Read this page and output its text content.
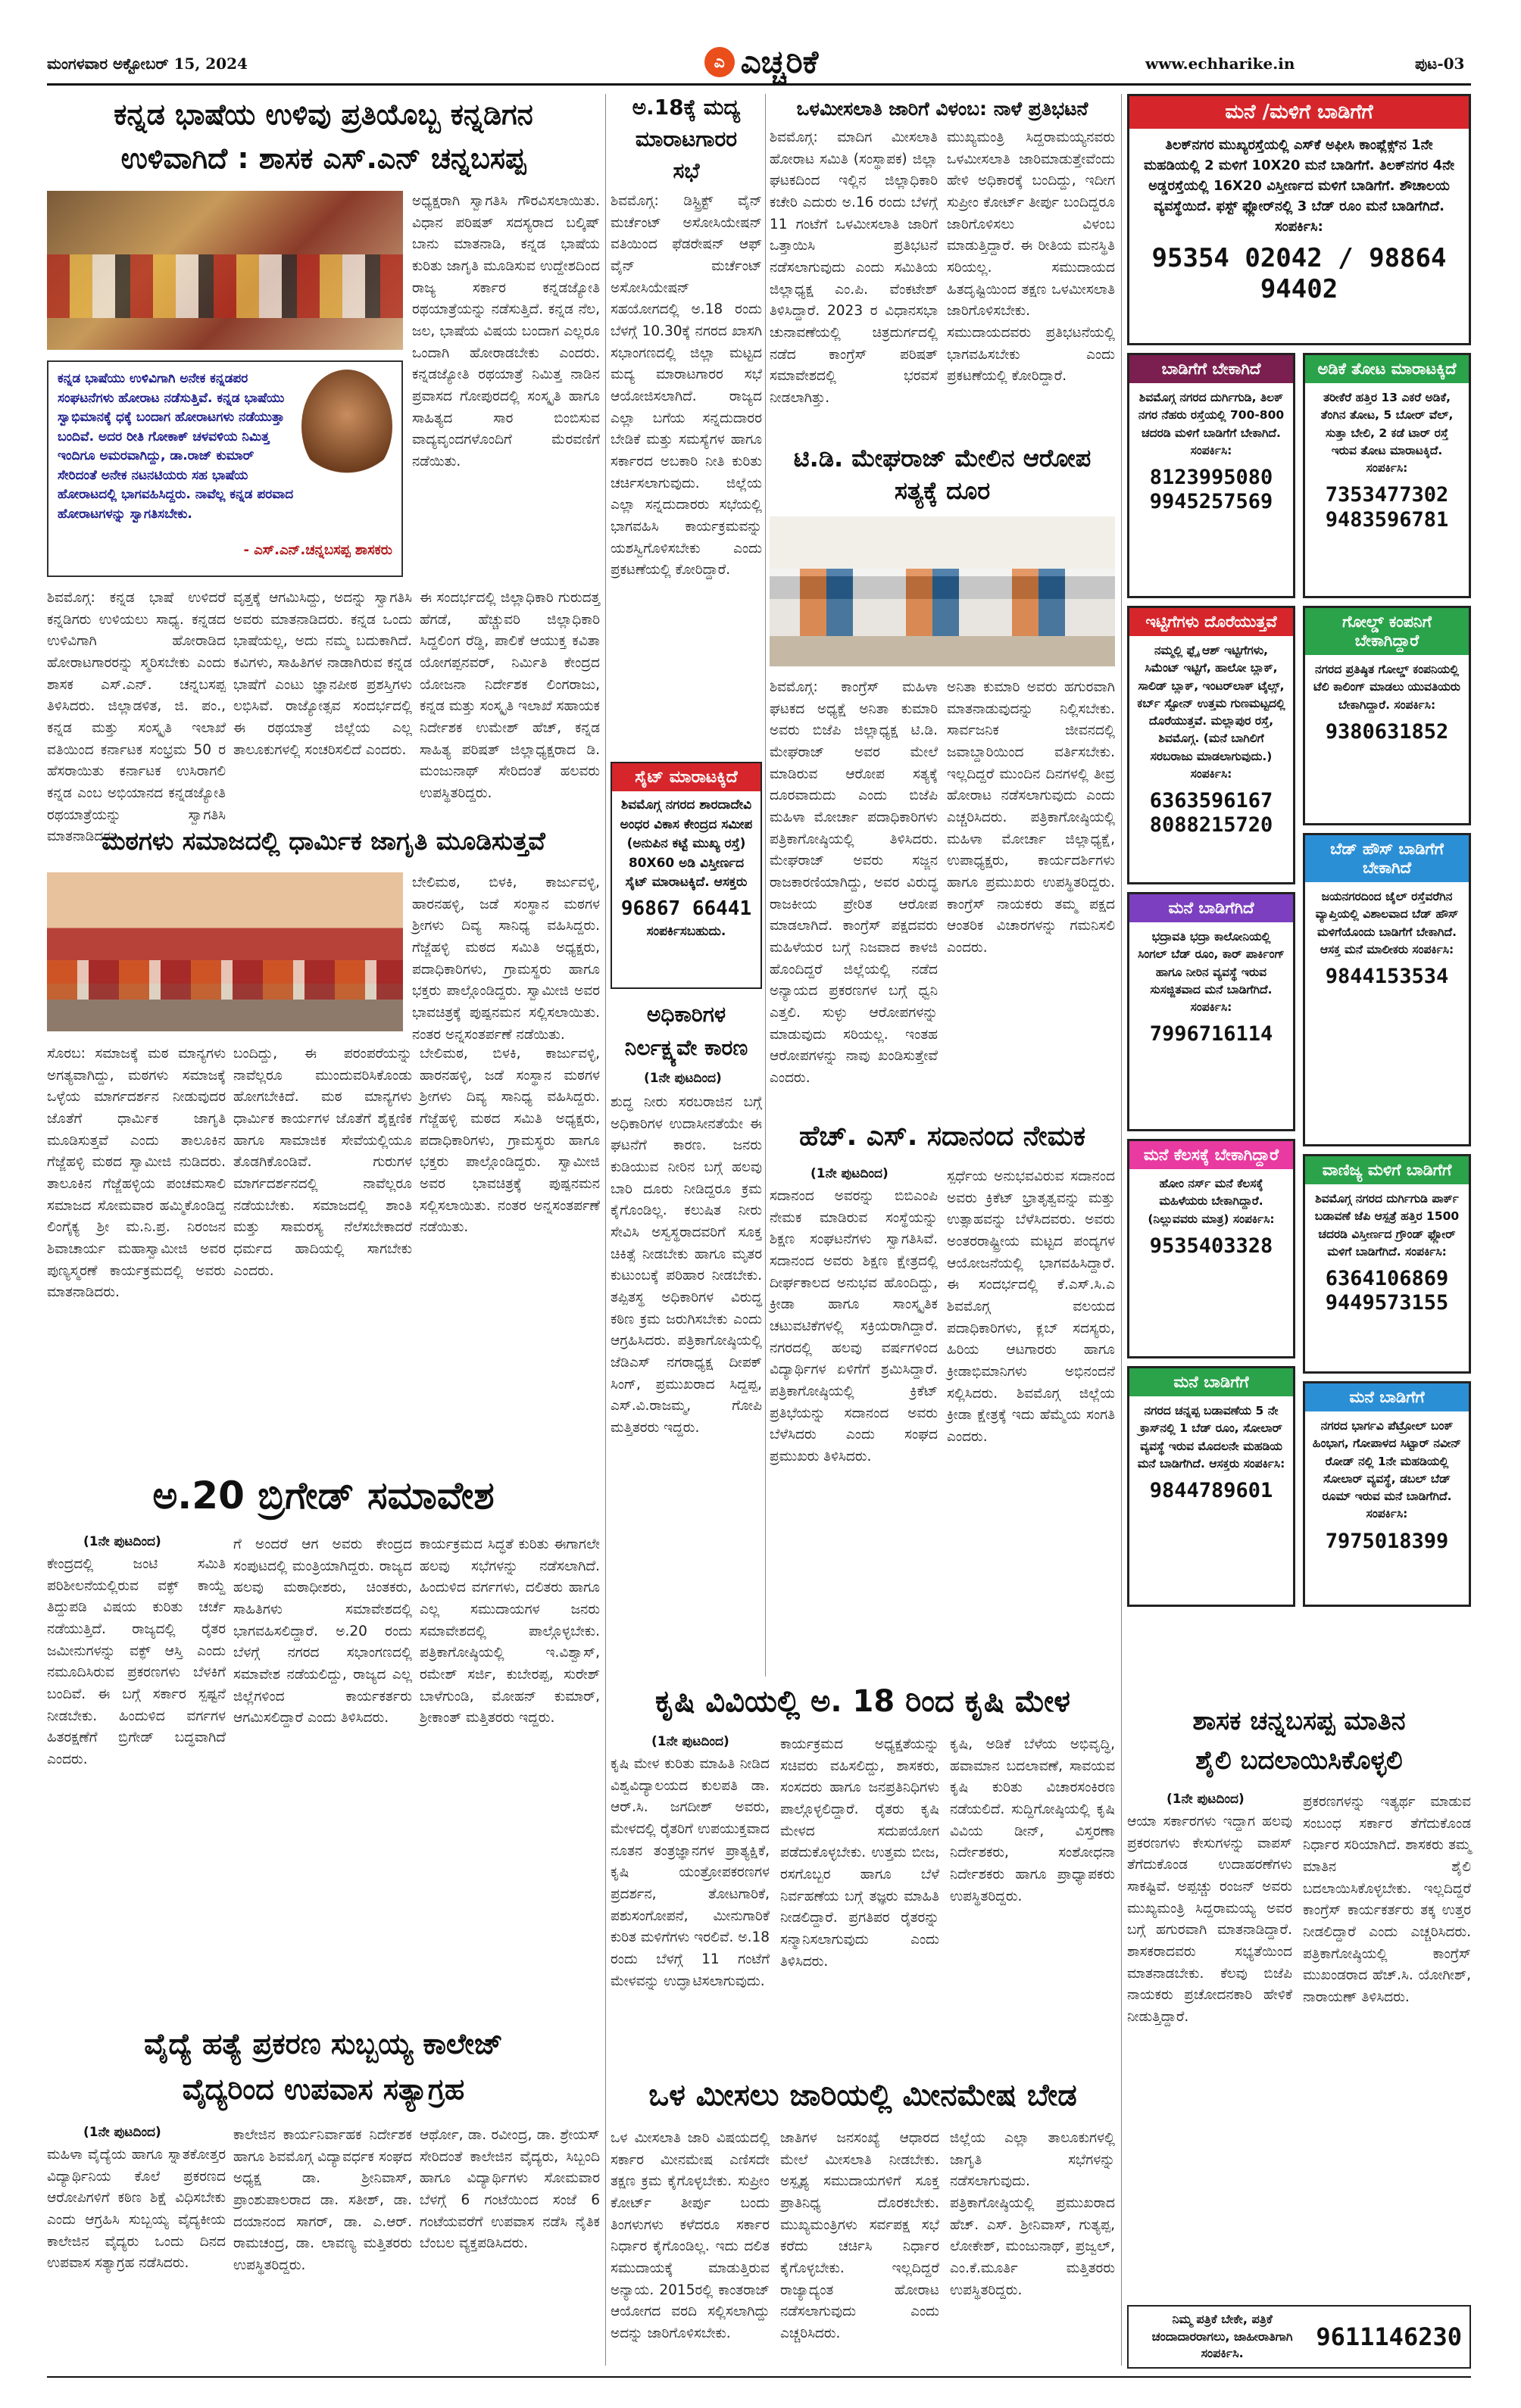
ಮಂಗಳವಾರ ಅಕ್ಟೋಬರ್ 15, 2024	ಎ ಎಚ್ಚರಿಕೆ	www.echharike.in	ಪುಟ-03
ಕನ್ನಡ ಭಾಷೆಯ ಉಳಿವು ಪ್ರತಿಯೊಬ್ಬ ಕನ್ನಡಿಗನ
ಉಳಿವಾಗಿದೆ : ಶಾಸಕ ಎಸ್.ಎನ್ ಚನ್ನಬಸಪ್ಪ
ಕನ್ನಡ ಭಾಷೆಯು ಉಳಿವಿಗಾಗಿ ಅನೇಕ ಕನ್ನಡಪರ ಸಂಘಟನೆಗಳು ಹೋರಾಟ ನಡೆಸುತ್ತಿವೆ. ಕನ್ನಡ ಭಾಷೆಯು ಸ್ವಾಭಿಮಾನಕ್ಕೆ ಧಕ್ಕೆ ಬಂದಾಗ ಹೋರಾಟಗಳು ನಡೆಯುತ್ತಾ ಬಂದಿವೆ. ಅದರ ರೀತಿ ಗೋಕಾಕ್ ಚಳವಳಿಯ ನಿಮಿತ್ತ ಇಂದಿಗೂ ಅಮರವಾಗಿದ್ದು, ಡಾ.ರಾಜ್ ಕುಮಾರ್ ಸೇರಿದಂತೆ ಅನೇಕ ನಟನಟಿಯರು ಸಹ ಭಾಷೆಯ ಹೋರಾಟದಲ್ಲಿ ಭಾಗವಹಿಸಿದ್ದರು. ನಾವೆಲ್ಲ ಕನ್ನಡ ಪರವಾದ ಹೋರಾಟಗಳನ್ನು ಸ್ವಾಗತಿಸಬೇಕು.
- ಎಸ್.ಎನ್.ಚನ್ನಬಸಪ್ಪ ಶಾಸಕರು
ಅಧ್ಯಕ್ಷರಾಗಿ ಸ್ವಾಗತಿಸಿ ಗೌರವಿಸಲಾಯಿತು. ವಿಧಾನ ಪರಿಷತ್ ಸದಸ್ಯರಾದ ಬಲ್ಕಿಷ್ ಬಾನು ಮಾತನಾಡಿ, ಕನ್ನಡ ಭಾಷೆಯ ಕುರಿತು ಜಾಗೃತಿ ಮೂಡಿಸುವ ಉದ್ದೇಶದಿಂದ ರಾಜ್ಯ ಸರ್ಕಾರ ಕನ್ನಡಜ್ಯೋತಿ ರಥಯಾತ್ರೆಯನ್ನು ನಡೆಸುತ್ತಿದೆ. ಕನ್ನಡ ನೆಲ, ಜಲ, ಭಾಷೆಯ ವಿಷಯ ಬಂದಾಗ ಎಲ್ಲರೂ ಒಂದಾಗಿ ಹೋರಾಡಬೇಕು ಎಂದರು. ಕನ್ನಡಜ್ಯೋತಿ ರಥಯಾತ್ರೆ ನಿಮಿತ್ತ ನಾಡಿನ ಪ್ರವಾಸದ ಗೋಪುರದಲ್ಲಿ ಸಂಸ್ಕೃತಿ ಹಾಗೂ ಸಾಹಿತ್ಯದ ಸಾರ ಬಿಂಬಿಸುವ ವಾದ್ಯವೃಂದಗಳೊಂದಿಗೆ ಮೆರವಣಿಗೆ ನಡೆಯಿತು.
ಶಿವಮೊಗ್ಗ: ಕನ್ನಡ ಭಾಷೆ ಉಳಿದರೆ ಕನ್ನಡಿಗರು ಉಳಿಯಲು ಸಾಧ್ಯ. ಕನ್ನಡದ ಉಳಿವಿಗಾಗಿ ಹೋರಾಡಿದ ಹೋರಾಟಗಾರರನ್ನು ಸ್ಮರಿಸಬೇಕು ಎಂದು ಶಾಸಕ ಎಸ್.ಎನ್. ಚನ್ನಬಸಪ್ಪ ತಿಳಿಸಿದರು. ಜಿಲ್ಲಾಡಳಿತ, ಜಿ. ಪಂ., ಕನ್ನಡ ಮತ್ತು ಸಂಸ್ಕೃತಿ ಇಲಾಖೆ ವತಿಯಿಂದ ಕರ್ನಾಟಕ ಸಂಭ್ರಮ 50 ರ ಹೆಸರಾಯಿತು ಕರ್ನಾಟಕ ಉಸಿರಾಗಲಿ ಕನ್ನಡ ಎಂಬ ಅಭಿಯಾನದ ಕನ್ನಡಜ್ಯೋತಿ ರಥಯಾತ್ರೆಯನ್ನು ಸ್ವಾಗತಿಸಿ ಮಾತನಾಡಿದರು.
ವೃತ್ತಕ್ಕೆ ಆಗಮಿಸಿದ್ದು, ಅದನ್ನು ಸ್ವಾಗತಿಸಿ ಅವರು ಮಾತನಾಡಿದರು. ಕನ್ನಡ ಒಂದು ಭಾಷೆಯಲ್ಲ, ಅದು ನಮ್ಮ ಬದುಕಾಗಿದೆ. ಕವಿಗಳು, ಸಾಹಿತಿಗಳ ನಾಡಾಗಿರುವ ಕನ್ನಡ ಭಾಷೆಗೆ ಎಂಟು ಜ್ಞಾನಪೀಠ ಪ್ರಶಸ್ತಿಗಳು ಲಭಿಸಿವೆ. ರಾಜ್ಯೋತ್ಸವ ಸಂದರ್ಭದಲ್ಲಿ ಈ ರಥಯಾತ್ರೆ ಜಿಲ್ಲೆಯ ಎಲ್ಲ ತಾಲೂಕುಗಳಲ್ಲಿ ಸಂಚರಿಸಲಿದೆ ಎಂದರು.
ಈ ಸಂದರ್ಭದಲ್ಲಿ ಜಿಲ್ಲಾಧಿಕಾರಿ ಗುರುದತ್ತ ಹೆಗಡೆ, ಹೆಚ್ಚುವರಿ ಜಿಲ್ಲಾಧಿಕಾರಿ ಸಿದ್ದಲಿಂಗ ರೆಡ್ಡಿ, ಪಾಲಿಕೆ ಆಯುಕ್ತ ಕವಿತಾ ಯೋಗಪ್ಪನವರ್, ನಿರ್ಮಿತಿ ಕೇಂದ್ರದ ಯೋಜನಾ ನಿರ್ದೇಶಕ ಲಿಂಗರಾಜು, ಕನ್ನಡ ಮತ್ತು ಸಂಸ್ಕೃತಿ ಇಲಾಖೆ ಸಹಾಯಕ ನಿರ್ದೇಶಕ ಉಮೇಶ್ ಹೆಚ್, ಕನ್ನಡ ಸಾಹಿತ್ಯ ಪರಿಷತ್ ಜಿಲ್ಲಾಧ್ಯಕ್ಷರಾದ ಡಿ. ಮಂಜುನಾಥ್ ಸೇರಿದಂತೆ ಹಲವರು ಉಪಸ್ಥಿತರಿದ್ದರು.
ಮಠಗಳು ಸಮಾಜದಲ್ಲಿ ಧಾರ್ಮಿಕ ಜಾಗೃತಿ ಮೂಡಿಸುತ್ತವೆ
ಬೇಲಿಮಠ, ಬಿಳಕಿ, ಕಾರ್ಜುವಳ್ಳಿ, ಹಾರನಹಳ್ಳಿ, ಜಡೆ ಸಂಸ್ಥಾನ ಮಠಗಳ ಶ್ರೀಗಳು ದಿವ್ಯ ಸಾನಿಧ್ಯ ವಹಿಸಿದ್ದರು. ಗೆಜ್ಜೆಹಳ್ಳಿ ಮಠದ ಸಮಿತಿ ಅಧ್ಯಕ್ಷರು, ಪದಾಧಿಕಾರಿಗಳು, ಗ್ರಾಮಸ್ಥರು ಹಾಗೂ ಭಕ್ತರು ಪಾಲ್ಗೊಂಡಿದ್ದರು. ಸ್ವಾಮೀಜಿ ಅವರ ಭಾವಚಿತ್ರಕ್ಕೆ ಪುಷ್ಪನಮನ ಸಲ್ಲಿಸಲಾಯಿತು. ನಂತರ ಅನ್ನಸಂತರ್ಪಣೆ ನಡೆಯಿತು.
ಸೊರಬ: ಸಮಾಜಕ್ಕೆ ಮಠ ಮಾನ್ಯಗಳು ಅಗತ್ಯವಾಗಿದ್ದು, ಮಠಗಳು ಸಮಾಜಕ್ಕೆ ಒಳ್ಳೆಯ ಮಾರ್ಗದರ್ಶನ ನೀಡುವುದರ ಜೊತೆಗೆ ಧಾರ್ಮಿಕ ಜಾಗೃತಿ ಮೂಡಿಸುತ್ತವೆ ಎಂದು ತಾಲೂಕಿನ ಗೆಜ್ಜೆಹಳ್ಳಿ ಮಠದ ಸ್ವಾಮೀಜಿ ನುಡಿದರು. ತಾಲೂಕಿನ ಗೆಜ್ಜೆಹಳ್ಳಿಯ ಪಂಚಮಸಾಲಿ ಸಮಾಜದ ಸೋಮವಾರ ಹಮ್ಮಿಕೊಂಡಿದ್ದ ಲಿಂಗೈಕ್ಯ ಶ್ರೀ ಮ.ನಿ.ಪ್ರ. ನಿರಂಜನ ಶಿವಾಚಾರ್ಯ ಮಹಾಸ್ವಾಮೀಜಿ ಅವರ ಪುಣ್ಯಸ್ಮರಣೆ ಕಾರ್ಯಕ್ರಮದಲ್ಲಿ ಅವರು ಮಾತನಾಡಿದರು.
ಬಂದಿದ್ದು, ಈ ಪರಂಪರೆಯನ್ನು ನಾವೆಲ್ಲರೂ ಮುಂದುವರಿಸಿಕೊಂಡು ಹೋಗಬೇಕಿದೆ. ಮಠ ಮಾನ್ಯಗಳು ಧಾರ್ಮಿಕ ಕಾರ್ಯಗಳ ಜೊತೆಗೆ ಶೈಕ್ಷಣಿಕ ಹಾಗೂ ಸಾಮಾಜಿಕ ಸೇವೆಯಲ್ಲಿಯೂ ತೊಡಗಿಕೊಂಡಿವೆ. ಗುರುಗಳ ಮಾರ್ಗದರ್ಶನದಲ್ಲಿ ನಾವೆಲ್ಲರೂ ನಡೆಯಬೇಕು. ಸಮಾಜದಲ್ಲಿ ಶಾಂತಿ ಮತ್ತು ಸಾಮರಸ್ಯ ನೆಲೆಸಬೇಕಾದರೆ ಧರ್ಮದ ಹಾದಿಯಲ್ಲಿ ಸಾಗಬೇಕು ಎಂದರು.
ಬೇಲಿಮಠ, ಬಿಳಕಿ, ಕಾರ್ಜುವಳ್ಳಿ, ಹಾರನಹಳ್ಳಿ, ಜಡೆ ಸಂಸ್ಥಾನ ಮಠಗಳ ಶ್ರೀಗಳು ದಿವ್ಯ ಸಾನಿಧ್ಯ ವಹಿಸಿದ್ದರು. ಗೆಜ್ಜೆಹಳ್ಳಿ ಮಠದ ಸಮಿತಿ ಅಧ್ಯಕ್ಷರು, ಪದಾಧಿಕಾರಿಗಳು, ಗ್ರಾಮಸ್ಥರು ಹಾಗೂ ಭಕ್ತರು ಪಾಲ್ಗೊಂಡಿದ್ದರು. ಸ್ವಾಮೀಜಿ ಅವರ ಭಾವಚಿತ್ರಕ್ಕೆ ಪುಷ್ಪನಮನ ಸಲ್ಲಿಸಲಾಯಿತು. ನಂತರ ಅನ್ನಸಂತರ್ಪಣೆ ನಡೆಯಿತು.
ಅ.20 ಬ್ರಿಗೇಡ್ ಸಮಾವೇಶ
(1ನೇ ಪುಟದಿಂದ)
ಕೇಂದ್ರದಲ್ಲಿ ಜಂಟಿ ಸಮಿತಿ ಪರಿಶೀಲನೆಯಲ್ಲಿರುವ ವಕ್ಫ್ ಕಾಯ್ದೆ ತಿದ್ದುಪಡಿ ವಿಷಯ ಕುರಿತು ಚರ್ಚೆ ನಡೆಯುತ್ತಿದೆ. ರಾಜ್ಯದಲ್ಲಿ ರೈತರ ಜಮೀನುಗಳನ್ನು ವಕ್ಫ್ ಆಸ್ತಿ ಎಂದು ನಮೂದಿಸಿರುವ ಪ್ರಕರಣಗಳು ಬೆಳಕಿಗೆ ಬಂದಿವೆ. ಈ ಬಗ್ಗೆ ಸರ್ಕಾರ ಸ್ಪಷ್ಟನೆ ನೀಡಬೇಕು. ಹಿಂದುಳಿದ ವರ್ಗಗಳ ಹಿತರಕ್ಷಣೆಗೆ ಬ್ರಿಗೇಡ್ ಬದ್ಧವಾಗಿದೆ ಎಂದರು.
ಗೆ ಅಂದರೆ ಆಗ ಅವರು ಕೇಂದ್ರದ ಸಂಪುಟದಲ್ಲಿ ಮಂತ್ರಿಯಾಗಿದ್ದರು. ರಾಜ್ಯದ ಹಲವು ಮಠಾಧೀಶರು, ಚಿಂತಕರು, ಸಾಹಿತಿಗಳು ಸಮಾವೇಶದಲ್ಲಿ ಭಾಗವಹಿಸಲಿದ್ದಾರೆ. ಅ.20 ರಂದು ಬೆಳಗ್ಗೆ ನಗರದ ಸಭಾಂಗಣದಲ್ಲಿ ಸಮಾವೇಶ ನಡೆಯಲಿದ್ದು, ರಾಜ್ಯದ ಎಲ್ಲ ಜಿಲ್ಲೆಗಳಿಂದ ಕಾರ್ಯಕರ್ತರು ಆಗಮಿಸಲಿದ್ದಾರೆ ಎಂದು ತಿಳಿಸಿದರು.
ಕಾರ್ಯಕ್ರಮದ ಸಿದ್ಧತೆ ಕುರಿತು ಈಗಾಗಲೇ ಹಲವು ಸಭೆಗಳನ್ನು ನಡೆಸಲಾಗಿದೆ. ಹಿಂದುಳಿದ ವರ್ಗಗಳು, ದಲಿತರು ಹಾಗೂ ಎಲ್ಲ ಸಮುದಾಯಗಳ ಜನರು ಸಮಾವೇಶದಲ್ಲಿ ಪಾಲ್ಗೊಳ್ಳಬೇಕು. ಪತ್ರಿಕಾಗೋಷ್ಠಿಯಲ್ಲಿ ಇ.ವಿಶ್ವಾಸ್, ರಮೇಶ್ ಸರ್ಜಿ, ಕುಬೇರಪ್ಪ, ಸುರೇಶ್ ಬಾಳೆಗುಂಡಿ, ಮೋಹನ್ ಕುಮಾರ್, ಶ್ರೀಕಾಂತ್ ಮತ್ತಿತರರು ಇದ್ದರು.
ವೈದ್ಯೆ ಹತ್ಯೆ ಪ್ರಕರಣ ಸುಬ್ಬಯ್ಯ ಕಾಲೇಜ್
ವೈದ್ಯರಿಂದ ಉಪವಾಸ ಸತ್ಯಾಗ್ರಹ
(1ನೇ ಪುಟದಿಂದ)
ಮಹಿಳಾ ವೈದ್ಯೆಯ ಹಾಗೂ ಸ್ನಾತಕೋತ್ತರ ವಿದ್ಯಾರ್ಥಿನಿಯ ಕೊಲೆ ಪ್ರಕರಣದ ಆರೋಪಿಗಳಿಗೆ ಕಠಿಣ ಶಿಕ್ಷೆ ವಿಧಿಸಬೇಕು ಎಂದು ಆಗ್ರಹಿಸಿ ಸುಬ್ಬಯ್ಯ ವೈದ್ಯಕೀಯ ಕಾಲೇಜಿನ ವೈದ್ಯರು ಒಂದು ದಿನದ ಉಪವಾಸ ಸತ್ಯಾಗ್ರಹ ನಡೆಸಿದರು.
ಕಾಲೇಜಿನ ಕಾರ್ಯನಿರ್ವಾಹಕ ನಿರ್ದೇಶಕ ಹಾಗೂ ಶಿವಮೊಗ್ಗ ವಿದ್ಯಾವರ್ಧಕ ಸಂಘದ ಅಧ್ಯಕ್ಷ ಡಾ. ಶ್ರೀನಿವಾಸ್, ಪ್ರಾಂಶುಪಾಲರಾದ ಡಾ. ಸತೀಶ್, ಡಾ. ದಯಾನಂದ ಸಾಗರ್, ಡಾ. ಎ.ಆರ್. ರಾಮಚಂದ್ರ, ಡಾ. ಲಾವಣ್ಯ ಮತ್ತಿತರರು ಉಪಸ್ಥಿತರಿದ್ದರು.
ಆರ್ಥೋ, ಡಾ. ರವೀಂದ್ರ, ಡಾ. ಶ್ರೇಯಸ್ ಸೇರಿದಂತೆ ಕಾಲೇಜಿನ ವೈದ್ಯರು, ಸಿಬ್ಬಂದಿ ಹಾಗೂ ವಿದ್ಯಾರ್ಥಿಗಳು ಸೋಮವಾರ ಬೆಳಗ್ಗೆ 6 ಗಂಟೆಯಿಂದ ಸಂಜೆ 6 ಗಂಟೆಯವರೆಗೆ ಉಪವಾಸ ನಡೆಸಿ ನೈತಿಕ ಬೆಂಬಲ ವ್ಯಕ್ತಪಡಿಸಿದರು.
ಅ.18ಕ್ಕೆ ಮದ್ಯ
ಮಾರಾಟಗಾರರ
ಸಭೆ
ಶಿವಮೊಗ್ಗ: ಡಿಸ್ಟ್ರಿಕ್ಟ್ ವೈನ್ ಮರ್ಚೆಂಟ್ ಅಸೋಸಿಯೇಷನ್ ವತಿಯಿಂದ ಫೆಡರೇಷನ್ ಆಫ್ ವೈನ್ ಮರ್ಚೆಂಟ್ ಅಸೋಸಿಯೇಷನ್ ಸಹಯೋಗದಲ್ಲಿ ಅ.18 ರಂದು ಬೆಳಗ್ಗೆ 10.30ಕ್ಕೆ ನಗರದ ಖಾಸಗಿ ಸಭಾಂಗಣದಲ್ಲಿ ಜಿಲ್ಲಾ ಮಟ್ಟದ ಮದ್ಯ ಮಾರಾಟಗಾರರ ಸಭೆ ಆಯೋಜಿಸಲಾಗಿದೆ. ರಾಜ್ಯದ ಎಲ್ಲಾ ಬಗೆಯ ಸನ್ನದುದಾರರ ಬೇಡಿಕೆ ಮತ್ತು ಸಮಸ್ಯೆಗಳ ಹಾಗೂ ಸರ್ಕಾರದ ಅಬಕಾರಿ ನೀತಿ ಕುರಿತು ಚರ್ಚಿಸಲಾಗುವುದು. ಜಿಲ್ಲೆಯ ಎಲ್ಲಾ ಸನ್ನದುದಾರರು ಸಭೆಯಲ್ಲಿ ಭಾಗವಹಿಸಿ ಕಾರ್ಯಕ್ರಮವನ್ನು ಯಶಸ್ವಿಗೊಳಿಸಬೇಕು ಎಂದು ಪ್ರಕಟಣೆಯಲ್ಲಿ ಕೋರಿದ್ದಾರೆ.
ಸೈಟ್ ಮಾರಾಟಕ್ಕಿದೆ
ಶಿವಮೊಗ್ಗ ನಗರದ ಶಾರದಾದೇವಿ ಅಂಧರ ವಿಕಾಸ ಕೇಂದ್ರದ ಸಮೀಪ (ಅನುಪಿನ ಕಟ್ಟೆ ಮುಖ್ಯ ರಸ್ತೆ) 80X60 ಅಡಿ ವಿಸ್ತೀರ್ಣದ ಸೈಟ್ ಮಾರಾಟಕ್ಕಿದೆ. ಆಸಕ್ತರು
96867 66441
ಸಂಪರ್ಕಿಸಬಹುದು.
ಅಧಿಕಾರಿಗಳ
ನಿರ್ಲಕ್ಷ್ಯವೇ ಕಾರಣ
(1ನೇ ಪುಟದಿಂದ)
ಶುದ್ಧ ನೀರು ಸರಬರಾಜಿನ ಬಗ್ಗೆ ಅಧಿಕಾರಿಗಳ ಉದಾಸೀನತೆಯೇ ಈ ಘಟನೆಗೆ ಕಾರಣ. ಜನರು ಕುಡಿಯುವ ನೀರಿನ ಬಗ್ಗೆ ಹಲವು ಬಾರಿ ದೂರು ನೀಡಿದ್ದರೂ ಕ್ರಮ ಕೈಗೊಂಡಿಲ್ಲ. ಕಲುಷಿತ ನೀರು ಸೇವಿಸಿ ಅಸ್ವಸ್ಥರಾದವರಿಗೆ ಸೂಕ್ತ ಚಿಕಿತ್ಸೆ ನೀಡಬೇಕು ಹಾಗೂ ಮೃತರ ಕುಟುಂಬಕ್ಕೆ ಪರಿಹಾರ ನೀಡಬೇಕು. ತಪ್ಪಿತಸ್ಥ ಅಧಿಕಾರಿಗಳ ವಿರುದ್ಧ ಕಠಿಣ ಕ್ರಮ ಜರುಗಿಸಬೇಕು ಎಂದು ಆಗ್ರಹಿಸಿದರು. ಪತ್ರಿಕಾಗೋಷ್ಠಿಯಲ್ಲಿ ಜೆಡಿಎಸ್ ನಗರಾಧ್ಯಕ್ಷ ದೀಪಕ್ ಸಿಂಗ್, ಪ್ರಮುಖರಾದ ಸಿದ್ದಪ್ಪ, ಎಸ್.ವಿ.ರಾಜಮ್ಮ, ಗೋಪಿ ಮತ್ತಿತರರು ಇದ್ದರು.
ಒಳಮೀಸಲಾತಿ ಜಾರಿಗೆ ವಿಳಂಬ: ನಾಳೆ ಪ್ರತಿಭಟನೆ
ಶಿವಮೊಗ್ಗ: ಮಾದಿಗ ಮೀಸಲಾತಿ ಹೋರಾಟ ಸಮಿತಿ (ಸಂಸ್ಥಾಪಕ) ಜಿಲ್ಲಾ ಘಟಕದಿಂದ ಇಲ್ಲಿನ ಜಿಲ್ಲಾಧಿಕಾರಿ ಕಚೇರಿ ಎದುರು ಅ.16 ರಂದು ಬೆಳಗ್ಗೆ 11 ಗಂಟೆಗೆ ಒಳಮೀಸಲಾತಿ ಜಾರಿಗೆ ಒತ್ತಾಯಿಸಿ ಪ್ರತಿಭಟನೆ ನಡೆಸಲಾಗುವುದು ಎಂದು ಸಮಿತಿಯ ಜಿಲ್ಲಾಧ್ಯಕ್ಷ ಎಂ.ಪಿ. ವೆಂಕಟೇಶ್ ತಿಳಿಸಿದ್ದಾರೆ. 2023 ರ ವಿಧಾನಸಭಾ ಚುನಾವಣೆಯಲ್ಲಿ ಚಿತ್ರದುರ್ಗದಲ್ಲಿ ನಡೆದ ಕಾಂಗ್ರೆಸ್ ಪರಿಷತ್ ಸಮಾವೇಶದಲ್ಲಿ ಭರವಸೆ ನೀಡಲಾಗಿತ್ತು.
ಮುಖ್ಯಮಂತ್ರಿ ಸಿದ್ದರಾಮಯ್ಯನವರು ಒಳಮೀಸಲಾತಿ ಜಾರಿಮಾಡುತ್ತೇವೆಂದು ಹೇಳಿ ಅಧಿಕಾರಕ್ಕೆ ಬಂದಿದ್ದು, ಇದೀಗ ಸುಪ್ರೀಂ ಕೋರ್ಟ್ ತೀರ್ಪು ಬಂದಿದ್ದರೂ ಜಾರಿಗೊಳಿಸಲು ವಿಳಂಬ ಮಾಡುತ್ತಿದ್ದಾರೆ. ಈ ರೀತಿಯ ಮನಸ್ಥಿತಿ ಸರಿಯಲ್ಲ. ಸಮುದಾಯದ ಹಿತದೃಷ್ಟಿಯಿಂದ ತಕ್ಷಣ ಒಳಮೀಸಲಾತಿ ಜಾರಿಗೊಳಿಸಬೇಕು. ಸಮುದಾಯದವರು ಪ್ರತಿಭಟನೆಯಲ್ಲಿ ಭಾಗವಹಿಸಬೇಕು ಎಂದು ಪ್ರಕಟಣೆಯಲ್ಲಿ ಕೋರಿದ್ದಾರೆ.
ಟಿ.ಡಿ. ಮೇಘರಾಜ್ ಮೇಲಿನ ಆರೋಪ ಸತ್ಯಕ್ಕೆ ದೂರ
ಶಿವಮೊಗ್ಗ: ಕಾಂಗ್ರೆಸ್ ಮಹಿಳಾ ಘಟಕದ ಅಧ್ಯಕ್ಷೆ ಅನಿತಾ ಕುಮಾರಿ ಅವರು ಬಿಜೆಪಿ ಜಿಲ್ಲಾಧ್ಯಕ್ಷ ಟಿ.ಡಿ. ಮೇಘರಾಜ್ ಅವರ ಮೇಲೆ ಮಾಡಿರುವ ಆರೋಪ ಸತ್ಯಕ್ಕೆ ದೂರವಾದುದು ಎಂದು ಬಿಜೆಪಿ ಮಹಿಳಾ ಮೋರ್ಚಾ ಪದಾಧಿಕಾರಿಗಳು ಪತ್ರಿಕಾಗೋಷ್ಠಿಯಲ್ಲಿ ತಿಳಿಸಿದರು. ಮೇಘರಾಜ್ ಅವರು ಸಜ್ಜನ ರಾಜಕಾರಣಿಯಾಗಿದ್ದು, ಅವರ ವಿರುದ್ಧ ರಾಜಕೀಯ ಪ್ರೇರಿತ ಆರೋಪ ಮಾಡಲಾಗಿದೆ. ಕಾಂಗ್ರೆಸ್ ಪಕ್ಷದವರು ಮಹಿಳೆಯರ ಬಗ್ಗೆ ನಿಜವಾದ ಕಾಳಜಿ ಹೊಂದಿದ್ದರೆ ಜಿಲ್ಲೆಯಲ್ಲಿ ನಡೆದ ಅನ್ಯಾಯದ ಪ್ರಕರಣಗಳ ಬಗ್ಗೆ ಧ್ವನಿ ಎತ್ತಲಿ. ಸುಳ್ಳು ಆರೋಪಗಳನ್ನು ಮಾಡುವುದು ಸರಿಯಲ್ಲ. ಇಂತಹ ಆರೋಪಗಳನ್ನು ನಾವು ಖಂಡಿಸುತ್ತೇವೆ ಎಂದರು.
ಅನಿತಾ ಕುಮಾರಿ ಅವರು ಹಗುರವಾಗಿ ಮಾತನಾಡುವುದನ್ನು ನಿಲ್ಲಿಸಬೇಕು. ಸಾರ್ವಜನಿಕ ಜೀವನದಲ್ಲಿ ಜವಾಬ್ದಾರಿಯಿಂದ ವರ್ತಿಸಬೇಕು. ಇಲ್ಲದಿದ್ದರೆ ಮುಂದಿನ ದಿನಗಳಲ್ಲಿ ತೀವ್ರ ಹೋರಾಟ ನಡೆಸಲಾಗುವುದು ಎಂದು ಎಚ್ಚರಿಸಿದರು. ಪತ್ರಿಕಾಗೋಷ್ಠಿಯಲ್ಲಿ ಮಹಿಳಾ ಮೋರ್ಚಾ ಜಿಲ್ಲಾಧ್ಯಕ್ಷೆ, ಉಪಾಧ್ಯಕ್ಷರು, ಕಾರ್ಯದರ್ಶಿಗಳು ಹಾಗೂ ಪ್ರಮುಖರು ಉಪಸ್ಥಿತರಿದ್ದರು. ಕಾಂಗ್ರೆಸ್ ನಾಯಕರು ತಮ್ಮ ಪಕ್ಷದ ಆಂತರಿಕ ವಿಚಾರಗಳನ್ನು ಗಮನಿಸಲಿ ಎಂದರು.
ಹೆಚ್. ಎಸ್. ಸದಾನಂದ ನೇಮಕ
(1ನೇ ಪುಟದಿಂದ)
ಸದಾನಂದ ಅವರನ್ನು ಬಿಬಿಎಂಪಿ ನೇಮಕ ಮಾಡಿರುವ ಸಂಸ್ಥೆಯನ್ನು ಶಿಕ್ಷಣ ಸಂಘಟನೆಗಳು ಸ್ವಾಗತಿಸಿವೆ. ಸದಾನಂದ ಅವರು ಶಿಕ್ಷಣ ಕ್ಷೇತ್ರದಲ್ಲಿ ದೀರ್ಘಕಾಲದ ಅನುಭವ ಹೊಂದಿದ್ದು, ಕ್ರೀಡಾ ಹಾಗೂ ಸಾಂಸ್ಕೃತಿಕ ಚಟುವಟಿಕೆಗಳಲ್ಲಿ ಸಕ್ರಿಯರಾಗಿದ್ದಾರೆ. ನಗರದಲ್ಲಿ ಹಲವು ವರ್ಷಗಳಿಂದ ವಿದ್ಯಾರ್ಥಿಗಳ ಏಳಿಗೆಗೆ ಶ್ರಮಿಸಿದ್ದಾರೆ. ಪತ್ರಿಕಾಗೋಷ್ಠಿಯಲ್ಲಿ ಕ್ರಿಕೆಟ್ ಪ್ರತಿಭೆಯನ್ನು ಸದಾನಂದ ಅವರು ಬೆಳೆಸಿದರು ಎಂದು ಸಂಘದ ಪ್ರಮುಖರು ತಿಳಿಸಿದರು.
ಸ್ಪರ್ಧೆಯ ಅನುಭವವಿರುವ ಸದಾನಂದ ಅವರು ಕ್ರಿಕೆಟ್ ಭ್ರಾತೃತ್ವವನ್ನು ಮತ್ತು ಉತ್ಸಾಹವನ್ನು ಬೆಳೆಸಿದವರು. ಅವರು ಅಂತರರಾಷ್ಟ್ರೀಯ ಮಟ್ಟದ ಪಂದ್ಯಗಳ ಆಯೋಜನೆಯಲ್ಲಿ ಭಾಗವಹಿಸಿದ್ದಾರೆ. ಈ ಸಂದರ್ಭದಲ್ಲಿ ಕೆ.ಎಸ್.ಸಿ.ಎ ಶಿವಮೊಗ್ಗ ವಲಯದ ಪದಾಧಿಕಾರಿಗಳು, ಕ್ಲಬ್ ಸದಸ್ಯರು, ಹಿರಿಯ ಆಟಗಾರರು ಹಾಗೂ ಕ್ರೀಡಾಭಿಮಾನಿಗಳು ಅಭಿನಂದನೆ ಸಲ್ಲಿಸಿದರು. ಶಿವಮೊಗ್ಗ ಜಿಲ್ಲೆಯ ಕ್ರೀಡಾ ಕ್ಷೇತ್ರಕ್ಕೆ ಇದು ಹೆಮ್ಮೆಯ ಸಂಗತಿ ಎಂದರು.
ಕೃಷಿ ವಿವಿಯಲ್ಲಿ ಅ. 18 ರಿಂದ ಕೃಷಿ ಮೇಳ
(1ನೇ ಪುಟದಿಂದ)
ಕೃಷಿ ಮೇಳ ಕುರಿತು ಮಾಹಿತಿ ನೀಡಿದ ವಿಶ್ವವಿದ್ಯಾಲಯದ ಕುಲಪತಿ ಡಾ. ಆರ್.ಸಿ. ಜಗದೀಶ್ ಅವರು, ಮೇಳದಲ್ಲಿ ರೈತರಿಗೆ ಉಪಯುಕ್ತವಾದ ನೂತನ ತಂತ್ರಜ್ಞಾನಗಳ ಪ್ರಾತ್ಯಕ್ಷಿಕೆ, ಕೃಷಿ ಯಂತ್ರೋಪಕರಣಗಳ ಪ್ರದರ್ಶನ, ತೋಟಗಾರಿಕೆ, ಪಶುಸಂಗೋಪನೆ, ಮೀನುಗಾರಿಕೆ ಕುರಿತ ಮಳಿಗೆಗಳು ಇರಲಿವೆ. ಅ.18 ರಂದು ಬೆಳಗ್ಗೆ 11 ಗಂಟೆಗೆ ಮೇಳವನ್ನು ಉದ್ಘಾಟಿಸಲಾಗುವುದು.
ಕಾರ್ಯಕ್ರಮದ ಅಧ್ಯಕ್ಷತೆಯನ್ನು ಸಚಿವರು ವಹಿಸಲಿದ್ದು, ಶಾಸಕರು, ಸಂಸದರು ಹಾಗೂ ಜನಪ್ರತಿನಿಧಿಗಳು ಪಾಲ್ಗೊಳ್ಳಲಿದ್ದಾರೆ. ರೈತರು ಕೃಷಿ ಮೇಳದ ಸದುಪಯೋಗ ಪಡೆದುಕೊಳ್ಳಬೇಕು. ಉತ್ತಮ ಬೀಜ, ರಸಗೊಬ್ಬರ ಹಾಗೂ ಬೆಳೆ ನಿರ್ವಹಣೆಯ ಬಗ್ಗೆ ತಜ್ಞರು ಮಾಹಿತಿ ನೀಡಲಿದ್ದಾರೆ. ಪ್ರಗತಿಪರ ರೈತರನ್ನು ಸನ್ಮಾನಿಸಲಾಗುವುದು ಎಂದು ತಿಳಿಸಿದರು.
ಕೃಷಿ, ಅಡಿಕೆ ಬೆಳೆಯ ಅಭಿವೃದ್ಧಿ, ಹವಾಮಾನ ಬದಲಾವಣೆ, ಸಾವಯವ ಕೃಷಿ ಕುರಿತು ವಿಚಾರಸಂಕಿರಣ ನಡೆಯಲಿದೆ. ಸುದ್ದಿಗೋಷ್ಠಿಯಲ್ಲಿ ಕೃಷಿ ವಿವಿಯ ಡೀನ್, ವಿಸ್ತರಣಾ ನಿರ್ದೇಶಕರು, ಸಂಶೋಧನಾ ನಿರ್ದೇಶಕರು ಹಾಗೂ ಪ್ರಾಧ್ಯಾಪಕರು ಉಪಸ್ಥಿತರಿದ್ದರು.
ಒಳ ಮೀಸಲು ಜಾರಿಯಲ್ಲಿ ಮೀನಮೇಷ ಬೇಡ
ಒಳ ಮೀಸಲಾತಿ ಜಾರಿ ವಿಷಯದಲ್ಲಿ ಸರ್ಕಾರ ಮೀನಮೇಷ ಎಣಿಸದೇ ತಕ್ಷಣ ಕ್ರಮ ಕೈಗೊಳ್ಳಬೇಕು. ಸುಪ್ರೀಂ ಕೋರ್ಟ್ ತೀರ್ಪು ಬಂದು ತಿಂಗಳುಗಳು ಕಳೆದರೂ ಸರ್ಕಾರ ನಿರ್ಧಾರ ಕೈಗೊಂಡಿಲ್ಲ. ಇದು ದಲಿತ ಸಮುದಾಯಕ್ಕೆ ಮಾಡುತ್ತಿರುವ ಅನ್ಯಾಯ. 2015ರಲ್ಲಿ ಕಾಂತರಾಜ್ ಆಯೋಗದ ವರದಿ ಸಲ್ಲಿಸಲಾಗಿದ್ದು ಅದನ್ನು ಜಾರಿಗೊಳಿಸಬೇಕು.
ಜಾತಿಗಳ ಜನಸಂಖ್ಯೆ ಆಧಾರದ ಮೇಲೆ ಮೀಸಲಾತಿ ನೀಡಬೇಕು. ಅಸ್ಪೃಶ್ಯ ಸಮುದಾಯಗಳಿಗೆ ಸೂಕ್ತ ಪ್ರಾತಿನಿಧ್ಯ ದೊರಕಬೇಕು. ಮುಖ್ಯಮಂತ್ರಿಗಳು ಸರ್ವಪಕ್ಷ ಸಭೆ ಕರೆದು ಚರ್ಚಿಸಿ ನಿರ್ಧಾರ ಕೈಗೊಳ್ಳಬೇಕು. ಇಲ್ಲದಿದ್ದರೆ ರಾಜ್ಯಾದ್ಯಂತ ಹೋರಾಟ ನಡೆಸಲಾಗುವುದು ಎಂದು ಎಚ್ಚರಿಸಿದರು.
ಜಿಲ್ಲೆಯ ಎಲ್ಲಾ ತಾಲೂಕುಗಳಲ್ಲಿ ಜಾಗೃತಿ ಸಭೆಗಳನ್ನು ನಡೆಸಲಾಗುವುದು. ಪತ್ರಿಕಾಗೋಷ್ಠಿಯಲ್ಲಿ ಪ್ರಮುಖರಾದ ಹೆಚ್. ಎಸ್. ಶ್ರೀನಿವಾಸ್, ಗುತ್ಯಪ್ಪ, ಲೋಕೇಶ್, ಮಂಜುನಾಥ್, ಪ್ರಜ್ವಲ್, ಎಂ.ಕೆ.ಮೂರ್ತಿ ಮತ್ತಿತರರು ಉಪಸ್ಥಿತರಿದ್ದರು.
ಮನೆ /ಮಳಿಗೆ ಬಾಡಿಗೆಗೆ
ತಿಲಕ್‌ನಗರ ಮುಖ್ಯರಸ್ತೆಯಲ್ಲಿ ಎಸ್‌ಕೆ ಅಫೀಸಿ ಕಾಂಪ್ಲೆಕ್ಸ್‌ನ 1ನೇ ಮಹಡಿಯಲ್ಲಿ 2 ಮಳಿಗೆ 10X20 ಮನೆ ಬಾಡಿಗೆಗೆ. ತಿಲಕ್‌ನಗರ 4ನೇ ಅಡ್ಡರಸ್ತೆಯಲ್ಲಿ 16X20 ವಿಸ್ತೀರ್ಣದ ಮಳಿಗೆ ಬಾಡಿಗೆಗೆ. ಶೌಚಾಲಯ ವ್ಯವಸ್ಥೆಯಿದೆ. ಫಸ್ಟ್ ಫ್ಲೋರ್‌ನಲ್ಲಿ 3 ಬೆಡ್ ರೂಂ ಮನೆ ಬಾಡಿಗೆಗಿದೆ. ಸಂಪರ್ಕಿಸಿ:
95354 02042 / 98864 94402
ಬಾಡಿಗೆಗೆ ಬೇಕಾಗಿದೆ
ಶಿವಮೊಗ್ಗ ನಗರದ ದುರ್ಗಿಗುಡಿ, ತಿಲಕ್ ನಗರ ನೆಹರು ರಸ್ತೆಯಲ್ಲಿ 700-800 ಚದರಡಿ ಮಳಿಗೆ ಬಾಡಿಗೆಗೆ ಬೇಕಾಗಿದೆ. ಸಂಪರ್ಕಿಸಿ:
8123995080
9945257569
ಅಡಿಕೆ ತೋಟ ಮಾರಾಟಕ್ಕಿದೆ
ತರೀಕೆರೆ ಹತ್ತಿರ 13 ಎಕರೆ ಅಡಿಕೆ, ತೆಂಗಿನ ತೋಟ, 5 ಬೋರ್ ವೆಲ್, ಸುತ್ತಾ ಬೇಲಿ, 2 ಕಡೆ ಟಾರ್ ರಸ್ತೆ ಇರುವ ತೋಟ ಮಾರಾಟಕ್ಕಿದೆ. ಸಂಪರ್ಕಿಸಿ:
7353477302
9483596781
ಇಟ್ಟಿಗೆಗಳು ದೊರೆಯುತ್ತವೆ
ನಮ್ಮಲ್ಲಿ ಫ್ಲೈ ಆಶ್ ಇಟ್ಟಿಗೆಗಳು, ಸಿಮೆಂಟ್ ಇಟ್ಟಿಗೆ, ಹಾಲೋ ಬ್ಲಾಕ್, ಸಾಲಿಡ್ ಬ್ಲಾಕ್, ಇಂಟರ್‌ಲಾಕ್ ಟೈಲ್ಸ್, ಕರ್ಬ್ ಸ್ಟೋನ್ ಉತ್ತಮ ಗುಣಮಟ್ಟದಲ್ಲಿ ದೊರೆಯುತ್ತವೆ. ಮಲ್ಲಾಪುರ ರಸ್ತೆ, ಶಿವಮೊಗ್ಗ. (ಮನೆ ಬಾಗಿಲಿಗೆ ಸರಬರಾಜು ಮಾಡಲಾಗುವುದು.) ಸಂಪರ್ಕಿಸಿ:
6363596167
8088215720
ಗೋಲ್ಡ್ ಕಂಪನಿಗೆ ಬೇಕಾಗಿದ್ದಾರೆ
ನಗರದ ಪ್ರತಿಷ್ಠಿತ ಗೋಲ್ಡ್ ಕಂಪನಿಯಲ್ಲಿ ಟೆಲಿ ಕಾಲಿಂಗ್ ಮಾಡಲು ಯುವತಿಯರು ಬೇಕಾಗಿದ್ದಾರೆ. ಸಂಪರ್ಕಿಸಿ:
9380631852
ಮನೆ ಬಾಡಿಗೆಗಿದೆ
ಭದ್ರಾವತಿ ಭದ್ರಾ ಕಾಲೋನಿಯಲ್ಲಿ ಸಿಂಗಲ್ ಬೆಡ್ ರೂಂ, ಕಾರ್ ಪಾರ್ಕಿಂಗ್ ಹಾಗೂ ನೀರಿನ ವ್ಯವಸ್ಥೆ ಇರುವ ಸುಸಜ್ಜಿತವಾದ ಮನೆ ಬಾಡಿಗೆಗಿದೆ. ಸಂಪರ್ಕಿಸಿ:
7996716114
ಬೆಡ್ ಹೌಸ್ ಬಾಡಿಗೆಗೆ ಬೇಕಾಗಿದೆ
ಜಯನಗರದಿಂದ ಜೈಲ್ ರಸ್ತೆವರೆಗಿನ ವ್ಯಾಪ್ತಿಯಲ್ಲಿ ವಿಶಾಲವಾದ ಬೆಡ್ ಹೌಸ್ ಮಳಿಗೆಯೊಂದು ಬಾಡಿಗೆಗೆ ಬೇಕಾಗಿದೆ. ಆಸಕ್ತ ಮನೆ ಮಾಲೀಕರು ಸಂಪರ್ಕಿಸಿ:
9844153534
ಮನೆ ಕೆಲಸಕ್ಕೆ ಬೇಕಾಗಿದ್ದಾರೆ
ಹೋಂ ನರ್ಸ್ ಮನೆ ಕೆಲಸಕ್ಕೆ ಮಹಿಳೆಯರು ಬೇಕಾಗಿದ್ದಾರೆ. (ನಿಲ್ಲುವವರು ಮಾತ್ರ) ಸಂಪರ್ಕಿಸಿ:
9535403328
ವಾಣಿಜ್ಯ ಮಳಿಗೆ ಬಾಡಿಗೆಗೆ
ಶಿವಮೊಗ್ಗ ನಗರದ ದುರ್ಗಿಗುಡಿ ಪಾರ್ಕ್ ಬಡಾವಣೆ ಜೆಪಿ ಆಸ್ಪತ್ರೆ ಹತ್ತಿರ 1500 ಚದರಡಿ ವಿಸ್ತೀರ್ಣದ ಗ್ರೌಂಡ್ ಫ್ಲೋರ್ ಮಳಿಗೆ ಬಾಡಿಗೆಗಿದೆ. ಸಂಪರ್ಕಿಸಿ:
6364106869
9449573155
ಮನೆ ಬಾಡಿಗೆಗೆ
ನಗರದ ಚನ್ನಪ್ಪ ಬಡಾವಣೆಯ 5 ನೇ ಕ್ರಾಸ್‌ನಲ್ಲಿ 1 ಬೆಡ್ ರೂಂ, ಸೋಲಾರ್ ವ್ಯವಸ್ಥೆ ಇರುವ ಮೊದಲನೇ ಮಹಡಿಯ ಮನೆ ಬಾಡಿಗೆಗಿದೆ. ಆಸಕ್ತರು ಸಂಪರ್ಕಿಸಿ:
9844789601
ಮನೆ ಬಾಡಿಗೆಗೆ
ನಗರದ ಭಾರ್ಗವಿ ಪೆಟ್ರೋಲ್ ಬಂಕ್ ಹಿಂಭಾಗ, ಗೋಪಾಳದ ಸಿಟ್ಟಾರ್ ನವೀನ್ ರೋಡ್ ನಲ್ಲಿ 1ನೇ ಮಹಡಿಯಲ್ಲಿ ಸೋಲಾರ್ ವ್ಯವಸ್ಥೆ, ಡಬಲ್ ಬೆಡ್ ರೂಮ್ ಇರುವ ಮನೆ ಬಾಡಿಗೆಗಿದೆ. ಸಂಪರ್ಕಿಸಿ:
7975018399
ಶಾಸಕ ಚನ್ನಬಸಪ್ಪ ಮಾತಿನ
ಶೈಲಿ ಬದಲಾಯಿಸಿಕೊಳ್ಳಲಿ
(1ನೇ ಪುಟದಿಂದ)
ಆಯಾ ಸರ್ಕಾರಗಳು ಇದ್ದಾಗ ಹಲವು ಪ್ರಕರಣಗಳು ಕೇಸುಗಳನ್ನು ವಾಪಸ್ ತೆಗೆದುಕೊಂಡ ಉದಾಹರಣೆಗಳು ಸಾಕಷ್ಟಿವೆ. ಅಪ್ಪಚ್ಚು ರಂಜನ್ ಅವರು ಮುಖ್ಯಮಂತ್ರಿ ಸಿದ್ದರಾಮಯ್ಯ ಅವರ ಬಗ್ಗೆ ಹಗುರವಾಗಿ ಮಾತನಾಡಿದ್ದಾರೆ. ಶಾಸಕರಾದವರು ಸಭ್ಯತೆಯಿಂದ ಮಾತನಾಡಬೇಕು. ಕೆಲವು ಬಿಜೆಪಿ ನಾಯಕರು ಪ್ರಚೋದನಕಾರಿ ಹೇಳಿಕೆ ನೀಡುತ್ತಿದ್ದಾರೆ.
ಪ್ರಕರಣಗಳನ್ನು ಇತ್ಯರ್ಥ ಮಾಡುವ ಸಂಬಂಧ ಸರ್ಕಾರ ತೆಗೆದುಕೊಂಡ ನಿರ್ಧಾರ ಸರಿಯಾಗಿದೆ. ಶಾಸಕರು ತಮ್ಮ ಮಾತಿನ ಶೈಲಿ ಬದಲಾಯಿಸಿಕೊಳ್ಳಬೇಕು. ಇಲ್ಲದಿದ್ದರೆ ಕಾಂಗ್ರೆಸ್ ಕಾರ್ಯಕರ್ತರು ತಕ್ಕ ಉತ್ತರ ನೀಡಲಿದ್ದಾರೆ ಎಂದು ಎಚ್ಚರಿಸಿದರು. ಪತ್ರಿಕಾಗೋಷ್ಠಿಯಲ್ಲಿ ಕಾಂಗ್ರೆಸ್ ಮುಖಂಡರಾದ ಹೆಚ್.ಸಿ. ಯೋಗೀಶ್, ನಾರಾಯಣ್ ತಿಳಿಸಿದರು.
ನಿಮ್ಮ ಪತ್ರಿಕೆ ಬೇಕೇ, ಪತ್ರಿಕೆ ಚಂದಾದಾರರಾಗಲು, ಜಾಹೀರಾತಿಗಾಗಿ ಸಂಪರ್ಕಿಸಿ.
9611146230
